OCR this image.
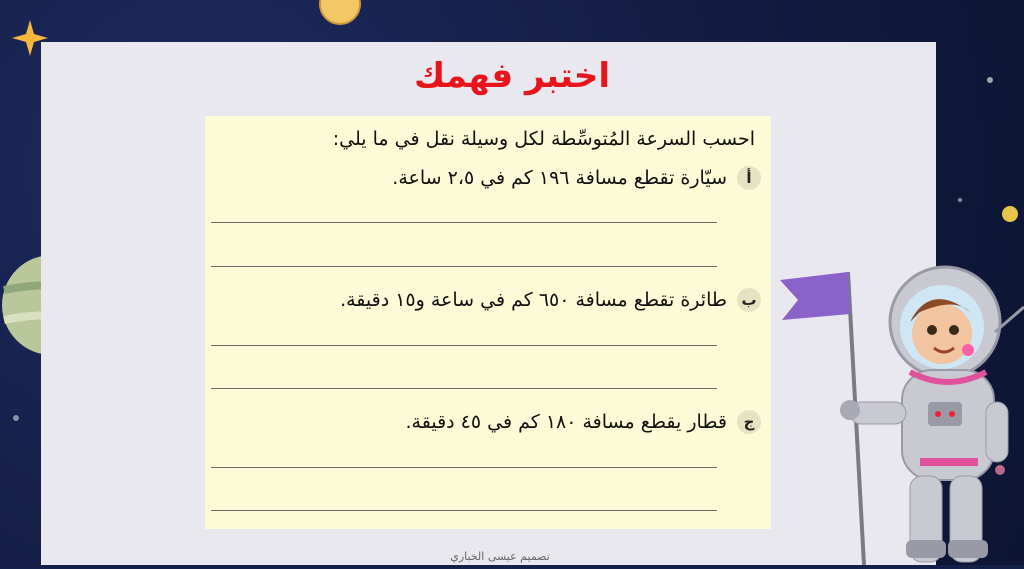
اختبر فهمك
احسب السرعة المُتوسِّطة لكل وسيلة نقل في ما يلي:
أ
سيّارة تقطع مسافة ١٩٦ كم في ٢،٥ ساعة.
ب
طائرة تقطع مسافة ٦٥٠ كم في ساعة و١٥ دقيقة.
ج
قطار يقطع مسافة ١٨٠ كم في ٤٥ دقيقة.
تصميم عيسى الخباري
